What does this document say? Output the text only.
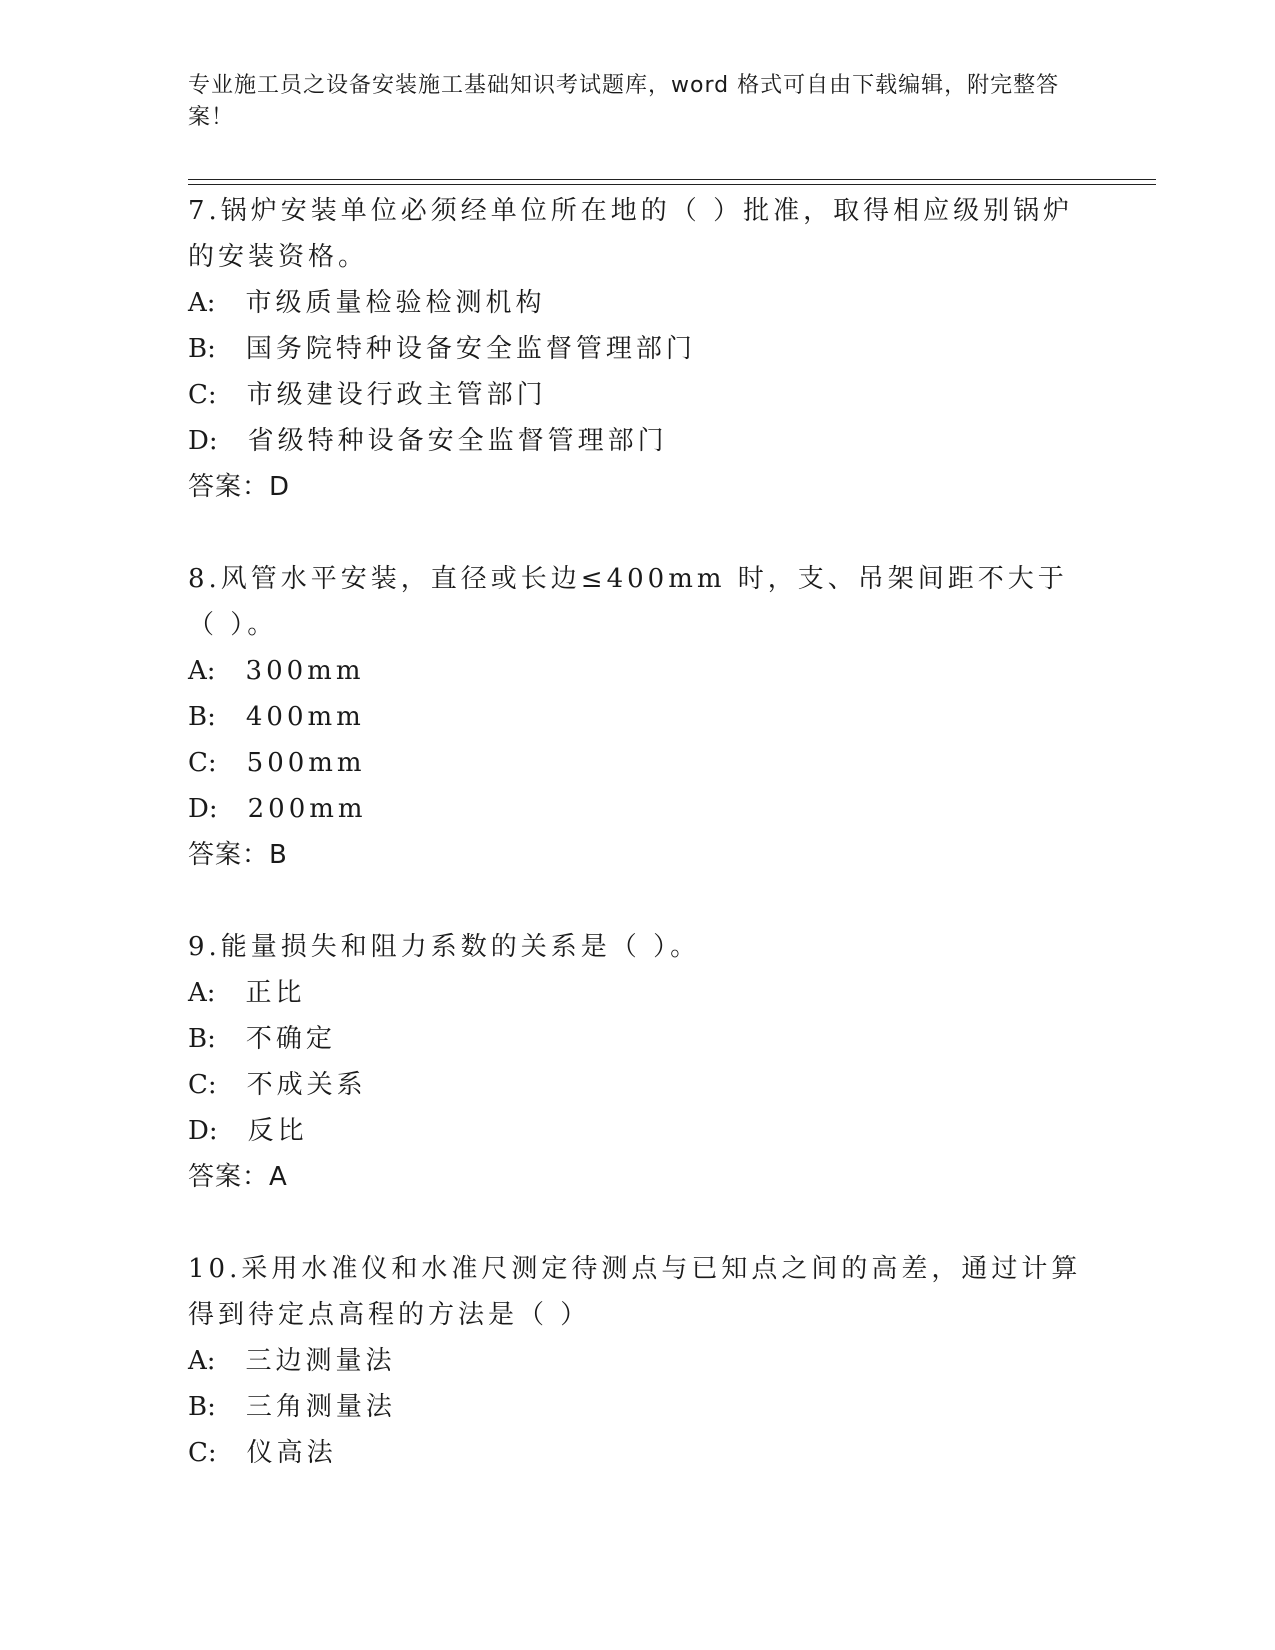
专业施工员之设备安装施工基础知识考试题库，word 格式可自由下载编辑，附完整答案！

7.锅炉安装单位必须经单位所在地的（ ）批准，取得相应级别锅炉的安装资格。

A: 市级质量检验检测机构

B: 国务院特种设备安全监督管理部门

C: 市级建设行政主管部门

D: 省级特种设备安全监督管理部门

答案：D

8.风管水平安装，直径或长边≤400mm 时，支、吊架间距不大于（ ）。

A: 300mm

B: 400mm

C: 500mm

D: 200mm

答案：B

9.能量损失和阻力系数的关系是（ ）。

A: 正比

B: 不确定

C: 不成关系

D: 反比

答案：A

10.采用水准仪和水准尺测定待测点与已知点之间的高差，通过计算得到待定点高程的方法是（ ）

A: 三边测量法

B: 三角测量法

C: 仪高法
